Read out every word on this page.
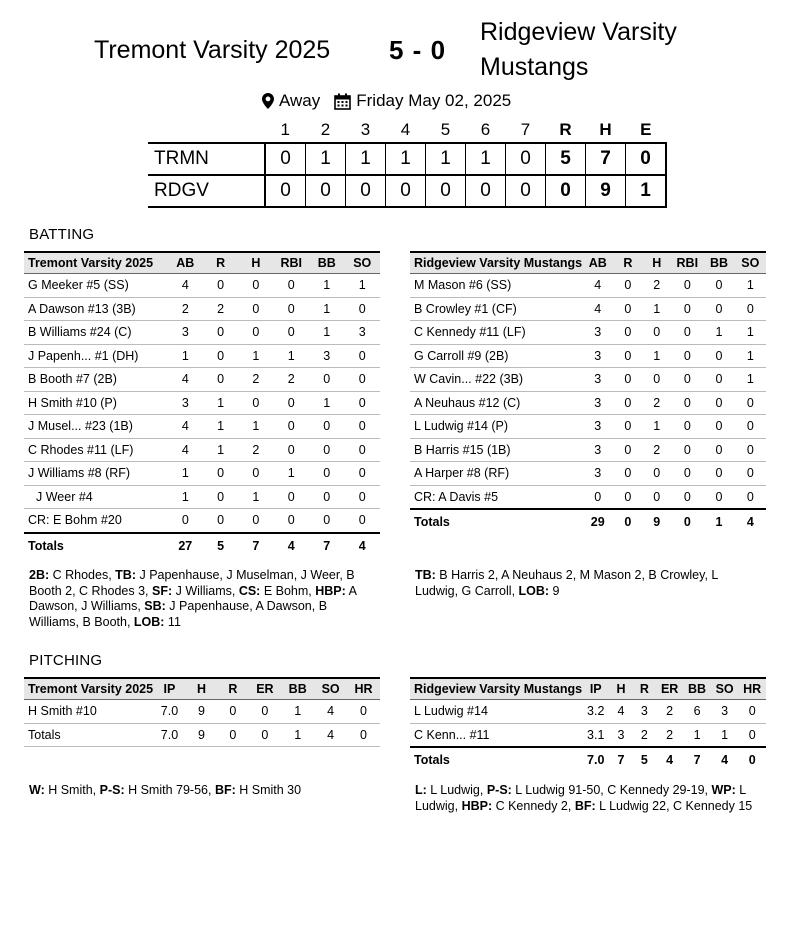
Tremont Varsity 2025 5 - 0
Ridgeview Varsity
Mustangs
Away Friday May 02, 2025
	1	2	3	4	5	6	7	R	H	E
TRMN	0	1	1	1	1	1	0	5	7	0
RDGV	0	0	0	0	0	0	0	0	9	1
BATTING
Tremont Varsity 2025	AB	R	H	RBI	BB	SO
G Meeker #5 (SS)	4	0	0	0	1	1
A Dawson #13 (3B)	2	2	0	0	1	0
B Williams #24 (C)	3	0	0	0	1	3
J Papenh... #1 (DH)	1	0	1	1	3	0
B Booth #7 (2B)	4	0	2	2	0	0
H Smith #10 (P)	3	1	0	0	1	0
J Musel... #23 (1B)	4	1	1	0	0	0
C Rhodes #11 (LF)	4	1	2	0	0	0
J Williams #8 (RF)	1	0	0	1	0	0
J Weer #4	1	0	1	0	0	0
CR: E Bohm #20	0	0	0	0	0	0
Totals	27	5	7	4	7	4
Ridgeview Varsity Mustangs	AB	R	H	RBI	BB	SO
M Mason #6 (SS)	4	0	2	0	0	1
B Crowley #1 (CF)	4	0	1	0	0	0
C Kennedy #11 (LF)	3	0	0	0	1	1
G Carroll #9 (2B)	3	0	1	0	0	1
W Cavin... #22 (3B)	3	0	0	0	0	1
A Neuhaus #12 (C)	3	0	2	0	0	0
L Ludwig #14 (P)	3	0	1	0	0	0
B Harris #15 (1B)	3	0	2	0	0	0
A Harper #8 (RF)	3	0	0	0	0	0
CR: A Davis #5	0	0	0	0	0	0
Totals	29	0	9	0	1	4
2B: C Rhodes, TB: J Papenhause, J Muselman, J Weer, B Booth 2, C Rhodes 3, SF: J Williams, CS: E Bohm, HBP: A Dawson, J Williams, SB: J Papenhause, A Dawson, B Williams, B Booth, LOB: 11
TB: B Harris 2, A Neuhaus 2, M Mason 2, B Crowley, L Ludwig, G Carroll, LOB: 9
PITCHING
Tremont Varsity 2025	IP	H	R	ER	BB	SO	HR
H Smith #10	7.0	9	0	0	1	4	0
Totals	7.0	9	0	0	1	4	0
Ridgeview Varsity Mustangs	IP	H	R	ER	BB	SO	HR
L Ludwig #14	3.2	4	3	2	6	3	0
C Kenn... #11	3.1	3	2	2	1	1	0
Totals	7.0	7	5	4	7	4	0
W: H Smith, P-S: H Smith 79-56, BF: H Smith 30	L: L Ludwig, P-S: L Ludwig 91-50, C Kennedy 29-19, WP: L Ludwig, HBP: C Kennedy 2, BF: L Ludwig 22, C Kennedy 15
